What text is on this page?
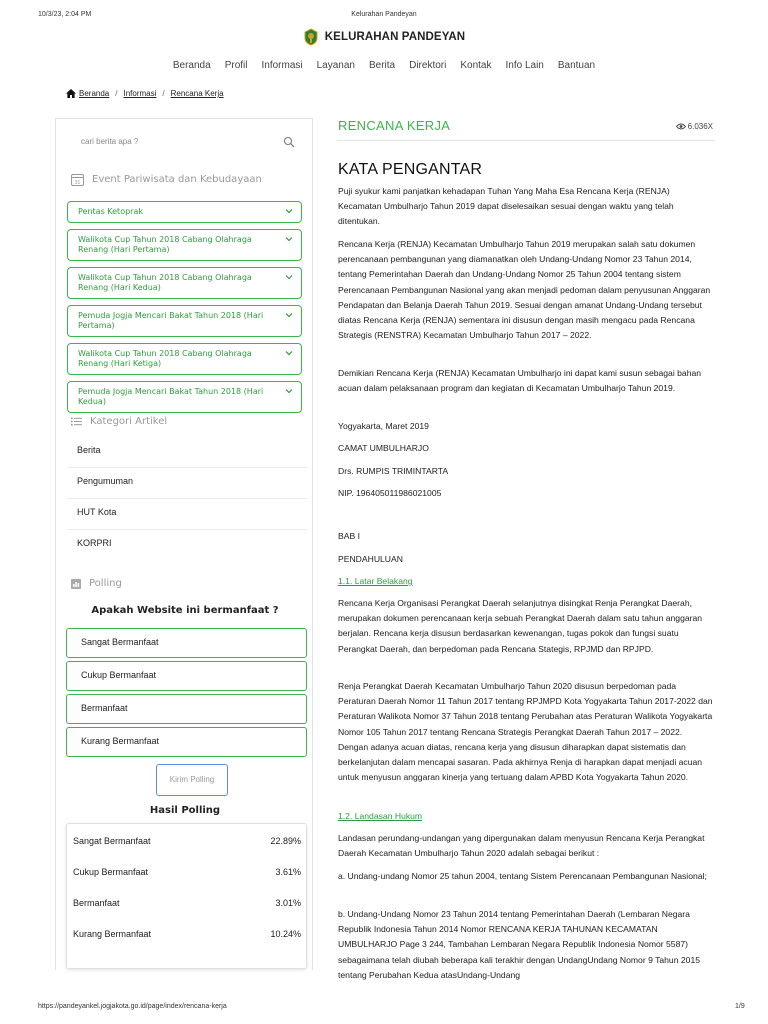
Kelurahan Pandeyan
10/3/23, 2:04 PM
KELURAHAN PANDEYAN
Beranda Profil Informasi Layanan Berita Direktori Kontak Info Lain Bantuan
Beranda / Informasi / Rencana Kerja
cari berita apa ?
31 Event Pariwisata dan Kebudayaan
Pentas Ketoprak
Walikota Cup Tahun 2018 Cabang Olahraga Renang (Hari Pertama)
Walikota Cup Tahun 2018 Cabang Olahraga Renang (Hari Kedua)
Pemuda Jogja Mencari Bakat Tahun 2018 (Hari Pertama)
Walikota Cup Tahun 2018 Cabang Olahraga Renang (Hari Ketiga)
Pemuda Jogja Mencari Bakat Tahun 2018 (Hari Kedua)
Kategori Artikel
Berita
Pengumuman
HUT Kota
KORPRI
Polling
Apakah Website ini bermanfaat ?
Sangat Bermanfaat
Cukup Bermanfaat
Bermanfaat
Kurang Bermanfaat
Kirim Polling
Hasil Polling
Sangat Bermanfaat	22.89%
Cukup Bermanfaat	3.61%
Bermanfaat	3.01%
Kurang Bermanfaat	10.24%
RENCANA KERJA	6.036X
KATA PENGANTAR
Puji syukur kami panjatkan kehadapan Tuhan Yang Maha Esa Rencana Kerja (RENJA) Kecamatan Umbulharjo Tahun 2019 dapat diselesaikan sesuai dengan waktu yang telah ditentukan.
Rencana Kerja (RENJA) Kecamatan Umbulharjo Tahun 2019 merupakan salah satu dokumen perencanaan pembangunan yang diamanatkan oleh Undang-Undang Nomor 23 Tahun 2014, tentang Pemerintahan Daerah dan Undang-Undang Nomor 25 Tahun 2004 tentang sistem Perencanaan Pembangunan Nasional yang akan menjadi pedoman dalam penyusunan Anggaran Pendapatan dan Belanja Daerah Tahun 2019. Sesuai dengan amanat Undang-Undang tersebut diatas Rencana Kerja (RENJA) sementara ini disusun dengan masih mengacu pada Rencana Strategis (RENSTRA) Kecamatan Umbulharjo Tahun 2017 – 2022.
Demikian Rencana Kerja (RENJA) Kecamatan Umbulharjo ini dapat kami susun sebagai bahan acuan dalam pelaksanaan program dan kegiatan di Kecamatan Umbulharjo Tahun 2019.
Yogyakarta, Maret 2019
CAMAT UMBULHARJO
Drs. RUMPIS TRIMINTARTA
NIP. 196405011986021005
BAB I
PENDAHULUAN
1.1. Latar Belakang
Rencana Kerja Organisasi Perangkat Daerah selanjutnya disingkat Renja Perangkat Daerah, merupakan dokumen perencanaan kerja sebuah Perangkat Daerah dalam satu tahun anggaran berjalan. Rencana kerja disusun berdasarkan kewenangan, tugas pokok dan fungsi suatu Perangkat Daerah, dan berpedoman pada Rencana Stategis, RPJMD dan RPJPD.
Renja Perangkat Daerah Kecamatan Umbulharjo Tahun 2020 disusun berpedoman pada Peraturan Daerah Nomor 11 Tahun 2017 tentang RPJMPD Kota Yogyakarta Tahun 2017-2022 dan Peraturan Walikota Nomor 37 Tahun 2018 tentang Perubahan atas Peraturan Walikota Yogyakarta Nomor 105 Tahun 2017 tentang Rencana Strategis Perangkat Daerah Tahun 2017 – 2022. Dengan adanya acuan diatas, rencana kerja yang disusun diharapkan dapat sistematis dan berkelanjutan dalam mencapai sasaran. Pada akhirnya Renja di harapkan dapat menjadi acuan untuk menyusun anggaran kinerja yang tertuang dalam APBD Kota Yogyakarta Tahun 2020.
1.2. Landasan Hukum
Landasan perundang-undangan yang dipergunakan dalam menyusun Rencana Kerja Perangkat Daerah Kecamatan Umbulharjo Tahun 2020 adalah sebagai berikut :
a. Undang-undang Nomor 25 tahun 2004, tentang Sistem Perencanaan Pembangunan Nasional;
b. Undang-Undang Nomor 23 Tahun 2014 tentang Pemerintahan Daerah (Lembaran Negara Republik Indonesia Tahun 2014 Nomor RENCANA KERJA TAHUNAN KECAMATAN UMBULHARJO Page 3 244, Tambahan Lembaran Negara Republik Indonesia Nomor 5587) sebagaimana telah diubah beberapa kali terakhir dengan UndangUndang Nomor 9 Tahun 2015 tentang Perubahan Kedua atasUndang-Undang
https://pandeyankel.jogjakota.go.id/page/index/rencana-kerja	1/9
